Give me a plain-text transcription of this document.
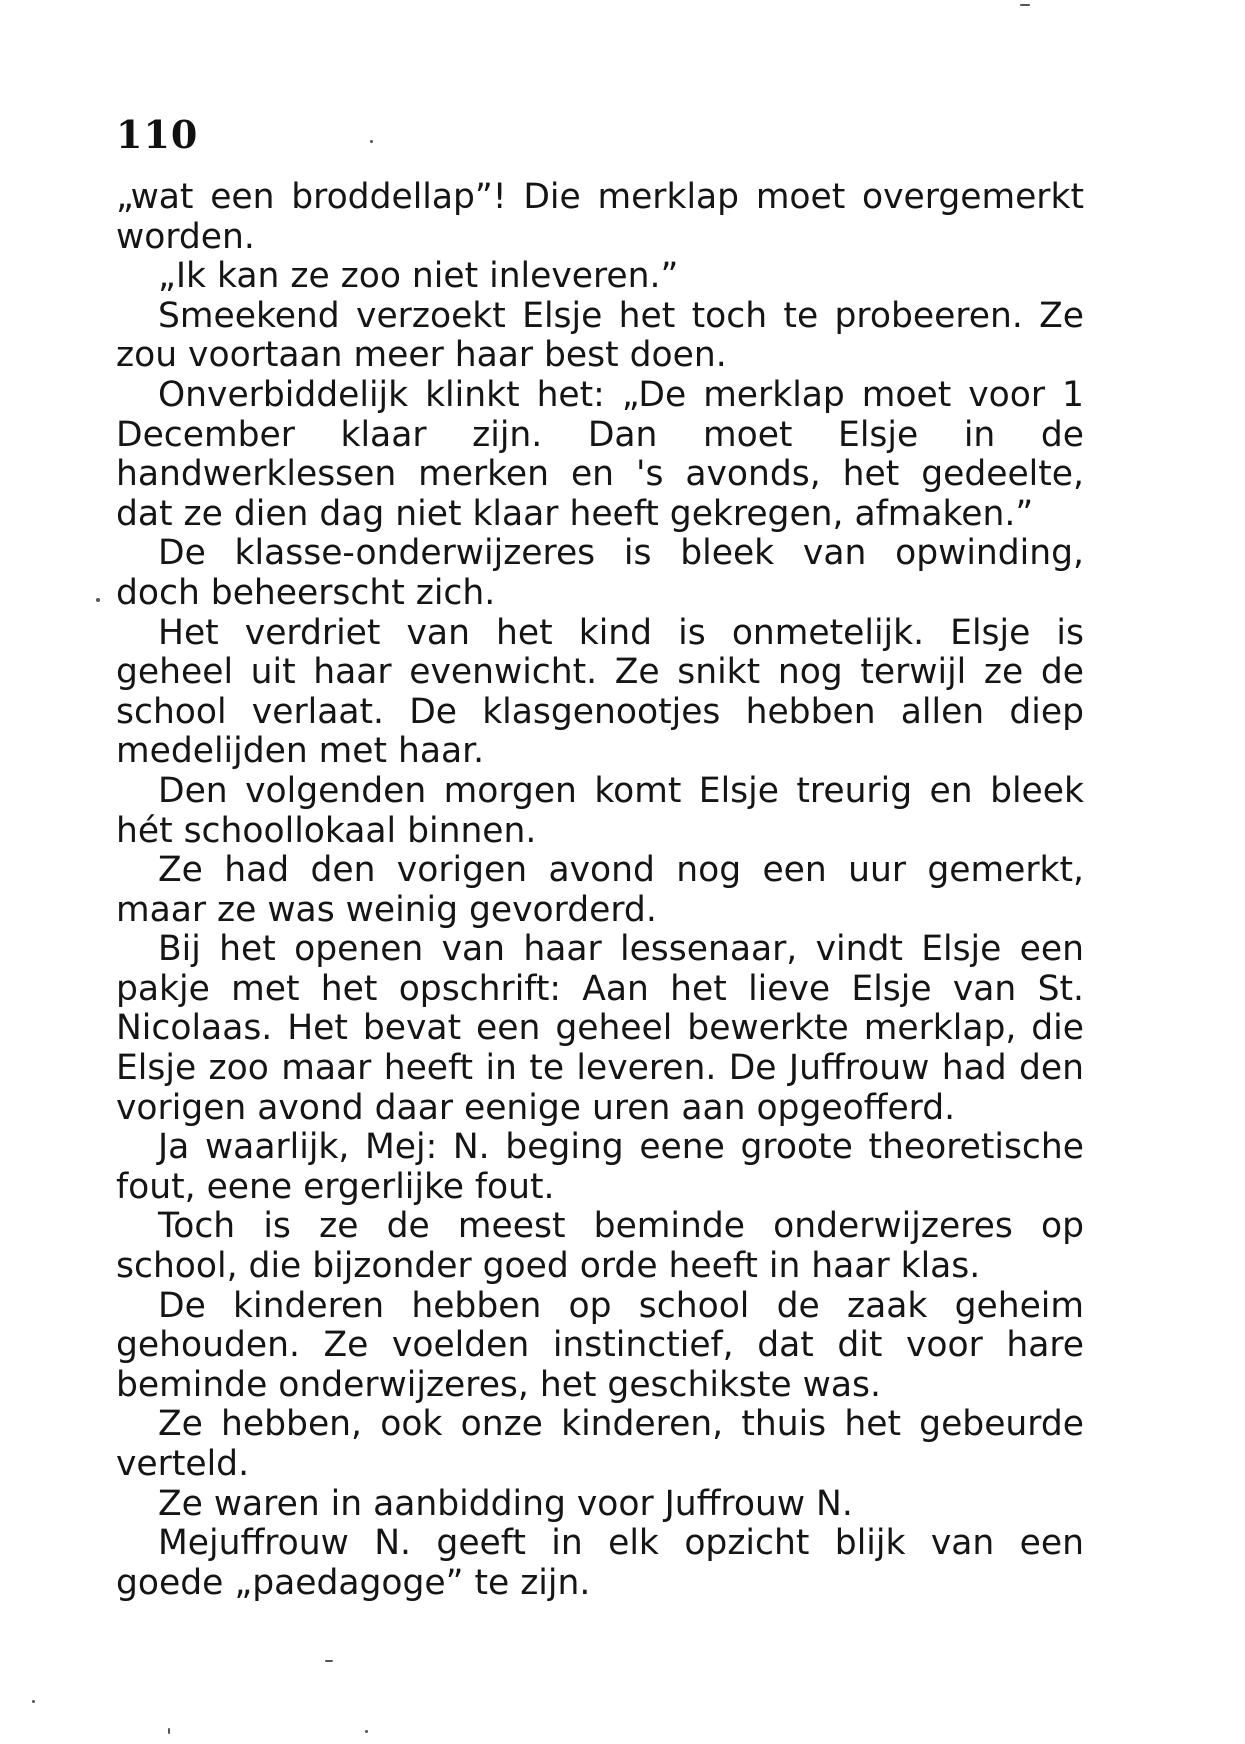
110

„wat een broddellap”! Die merklap moet overgemerkt worden.

„Ik kan ze zoo niet inleveren.”

Smeekend verzoekt Elsje het toch te probeeren. Ze zou voortaan meer haar best doen.

Onverbiddelijk klinkt het: „De merklap moet voor 1 December klaar zijn. Dan moet Elsje in de handwerklessen merken en 's avonds, het gedeelte, dat ze dien dag niet klaar heeft gekregen, afmaken.”

De klasse-onderwijzeres is bleek van opwinding, doch beheerscht zich.

Het verdriet van het kind is onmetelijk. Elsje is geheel uit haar evenwicht. Ze snikt nog terwijl ze de school verlaat. De klasgenootjes hebben allen diep medelijden met haar.

Den volgenden morgen komt Elsje treurig en bleek hét schoollokaal binnen.

Ze had den vorigen avond nog een uur gemerkt, maar ze was weinig gevorderd.

Bij het openen van haar lessenaar, vindt Elsje een pakje met het opschrift: Aan het lieve Elsje van St. Nicolaas. Het bevat een geheel bewerkte merklap, die Elsje zoo maar heeft in te leveren. De Juffrouw had den vorigen avond daar eenige uren aan opgeofferd.

Ja waarlijk, Mej: N. beging eene groote theoretische fout, eene ergerlijke fout.

Toch is ze de meest beminde onderwijzeres op school, die bijzonder goed orde heeft in haar klas.

De kinderen hebben op school de zaak geheim gehouden. Ze voelden instinctief, dat dit voor hare beminde onderwijzeres, het geschikste was.

Ze hebben, ook onze kinderen, thuis het gebeurde verteld.

Ze waren in aanbidding voor Juffrouw N.

Mejuffrouw N. geeft in elk opzicht blijk van een goede „paedagoge” te zijn.
